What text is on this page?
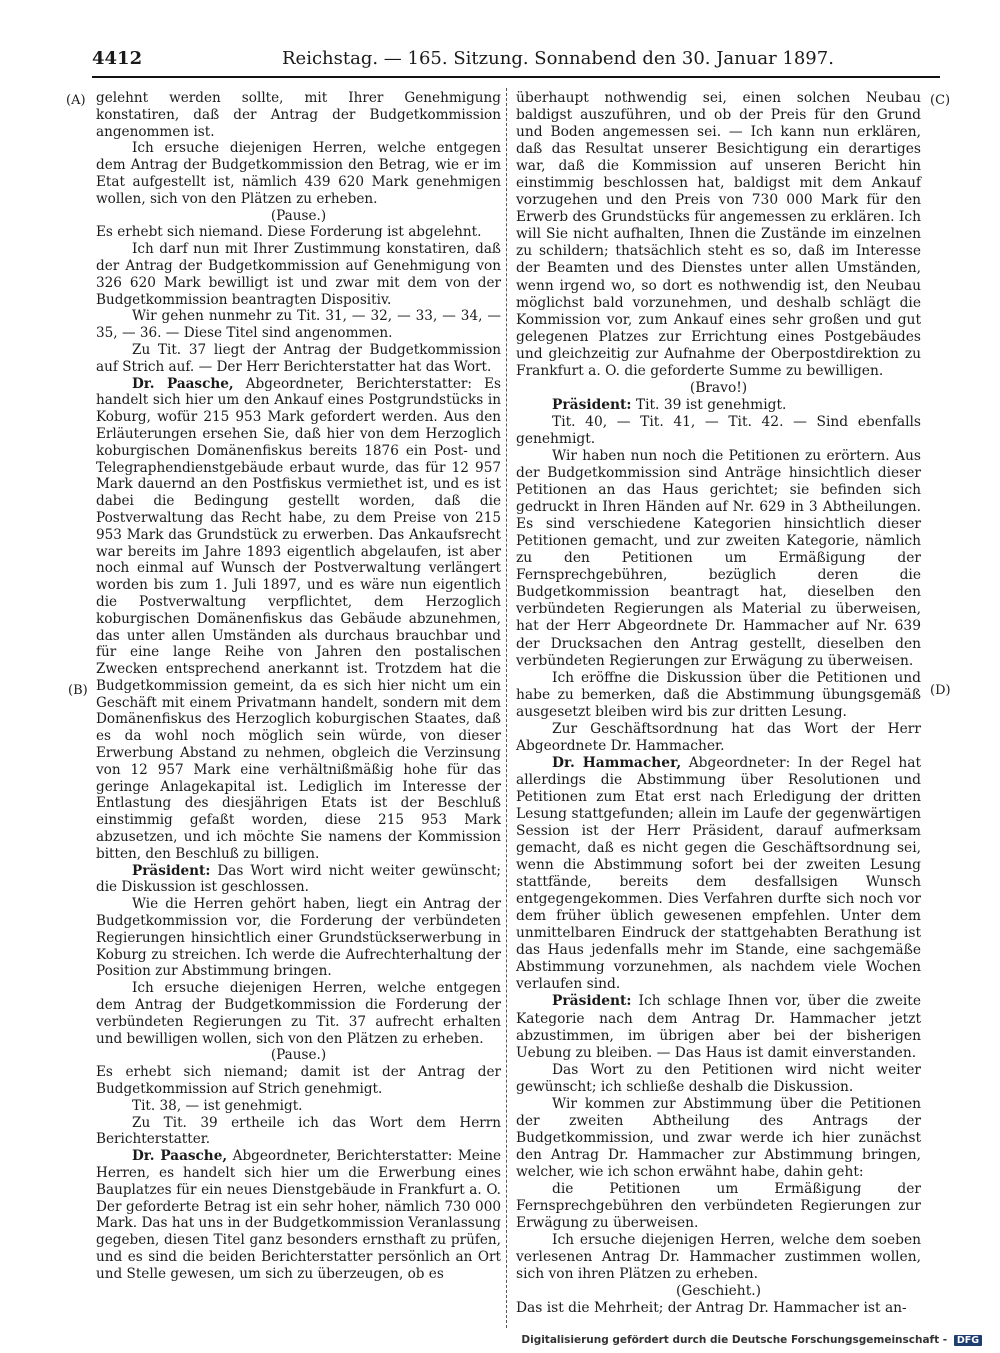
4412	Reichstag. — 165. Sitzung. Sonnabend den 30. Januar 1897.
(A)
(B)
(C)
(D)

gelehnt werden sollte, mit Ihrer Genehmigung konstatiren, daß der Antrag der Budgetkommission angenommen ist.

Ich ersuche diejenigen Herren, welche entgegen dem Antrag der Budgetkommission den Betrag, wie er im Etat aufgestellt ist, nämlich 439 620 Mark genehmigen wollen, sich von den Plätzen zu erheben.

(Pause.)

Es erhebt sich niemand. Diese Forderung ist abgelehnt.

Ich darf nun mit Ihrer Zustimmung konstatiren, daß der Antrag der Budgetkommission auf Genehmigung von 326 620 Mark bewilligt ist und zwar mit dem von der Budgetkommission beantragten Dispositiv.

Wir gehen nunmehr zu Tit. 31, — 32, — 33, — 34, — 35, — 36. — Diese Titel sind angenommen.

Zu Tit. 37 liegt der Antrag der Budgetkommission auf Strich auf. — Der Herr Berichterstatter hat das Wort.

Dr. Paasche, Abgeordneter, Berichterstatter: Es handelt sich hier um den Ankauf eines Postgrundstücks in Koburg, wofür 215 953 Mark gefordert werden. Aus den Erläuterungen ersehen Sie, daß hier von dem Herzoglich koburgischen Domänenfiskus bereits 1876 ein Post- und Telegraphendienstgebäude erbaut wurde, das für 12 957 Mark dauernd an den Postfiskus vermiethet ist, und es ist dabei die Bedingung gestellt worden, daß die Postverwaltung das Recht habe, zu dem Preise von 215 953 Mark das Grundstück zu erwerben. Das Ankaufsrecht war bereits im Jahre 1893 eigentlich abgelaufen, ist aber noch einmal auf Wunsch der Postverwaltung verlängert worden bis zum 1. Juli 1897, und es wäre nun eigentlich die Postverwaltung verpflichtet, dem Herzoglich koburgischen Domänenfiskus das Gebäude abzunehmen, das unter allen Umständen als durchaus brauchbar und für eine lange Reihe von Jahren den postalischen Zwecken entsprechend anerkannt ist. Trotzdem hat die Budgetkommission gemeint, da es sich hier nicht um ein Geschäft mit einem Privatmann handelt, sondern mit dem Domänenfiskus des Herzoglich koburgischen Staates, daß es da wohl noch möglich sein würde, von dieser Erwerbung Abstand zu nehmen, obgleich die Verzinsung von 12 957 Mark eine verhältnißmäßig hohe für das geringe Anlagekapital ist. Lediglich im Interesse der Entlastung des diesjährigen Etats ist der Beschluß einstimmig gefaßt worden, diese 215 953 Mark abzusetzen, und ich möchte Sie namens der Kommission bitten, den Beschluß zu billigen.

Präsident: Das Wort wird nicht weiter gewünscht; die Diskussion ist geschlossen.

Wie die Herren gehört haben, liegt ein Antrag der Budgetkommission vor, die Forderung der verbündeten Regierungen hinsichtlich einer Grundstückserwerbung in Koburg zu streichen. Ich werde die Aufrechterhaltung der Position zur Abstimmung bringen.

Ich ersuche diejenigen Herren, welche entgegen dem Antrag der Budgetkommission die Forderung der verbündeten Regierungen zu Tit. 37 aufrecht erhalten und bewilligen wollen, sich von den Plätzen zu erheben.

(Pause.)

Es erhebt sich niemand; damit ist der Antrag der Budgetkommission auf Strich genehmigt.

Tit. 38, — ist genehmigt.

Zu Tit. 39 ertheile ich das Wort dem Herrn Berichterstatter.

Dr. Paasche, Abgeordneter, Berichterstatter: Meine Herren, es handelt sich hier um die Erwerbung eines Bauplatzes für ein neues Dienstgebäude in Frankfurt a. O. Der geforderte Betrag ist ein sehr hoher, nämlich 730 000 Mark. Das hat uns in der Budgetkommission Veranlassung gegeben, diesen Titel ganz besonders ernsthaft zu prüfen, und es sind die beiden Berichterstatter persönlich an Ort und Stelle gewesen, um sich zu überzeugen, ob es

überhaupt nothwendig sei, einen solchen Neubau baldigst auszuführen, und ob der Preis für den Grund und Boden angemessen sei. — Ich kann nun erklären, daß das Resultat unserer Besichtigung ein derartiges war, daß die Kommission auf unseren Bericht hin einstimmig beschlossen hat, baldigst mit dem Ankauf vorzugehen und den Preis von 730 000 Mark für den Erwerb des Grundstücks für angemessen zu erklären. Ich will Sie nicht aufhalten, Ihnen die Zustände im einzelnen zu schildern; thatsächlich steht es so, daß im Interesse der Beamten und des Dienstes unter allen Umständen, wenn irgend wo, so dort es nothwendig ist, den Neubau möglichst bald vorzunehmen, und deshalb schlägt die Kommission vor, zum Ankauf eines sehr großen und gut gelegenen Platzes zur Errichtung eines Postgebäudes und gleichzeitig zur Aufnahme der Oberpostdirektion zu Frankfurt a. O. die geforderte Summe zu bewilligen.

(Bravo!)

Präsident: Tit. 39 ist genehmigt.

Tit. 40, — Tit. 41, — Tit. 42. — Sind ebenfalls genehmigt.

Wir haben nun noch die Petitionen zu erörtern. Aus der Budgetkommission sind Anträge hinsichtlich dieser Petitionen an das Haus gerichtet; sie befinden sich gedruckt in Ihren Händen auf Nr. 629 in 3 Abtheilungen. Es sind verschiedene Kategorien hinsichtlich dieser Petitionen gemacht, und zur zweiten Kategorie, nämlich zu den Petitionen um Ermäßigung der Fernsprechgebühren, bezüglich deren die Budgetkommission beantragt hat, dieselben den verbündeten Regierungen als Material zu überweisen, hat der Herr Abgeordnete Dr. Hammacher auf Nr. 639 der Drucksachen den Antrag gestellt, dieselben den verbündeten Regierungen zur Erwägung zu überweisen.

Ich eröffne die Diskussion über die Petitionen und habe zu bemerken, daß die Abstimmung übungsgemäß ausgesetzt bleiben wird bis zur dritten Lesung.

Zur Geschäftsordnung hat das Wort der Herr Abgeordnete Dr. Hammacher.

Dr. Hammacher, Abgeordneter: In der Regel hat allerdings die Abstimmung über Resolutionen und Petitionen zum Etat erst nach Erledigung der dritten Lesung stattgefunden; allein im Laufe der gegenwärtigen Session ist der Herr Präsident, darauf aufmerksam gemacht, daß es nicht gegen die Geschäftsordnung sei, wenn die Abstimmung sofort bei der zweiten Lesung stattfände, bereits dem desfallsigen Wunsch entgegengekommen. Dies Verfahren durfte sich noch vor dem früher üblich gewesenen empfehlen. Unter dem unmittelbaren Eindruck der stattgehabten Berathung ist das Haus jedenfalls mehr im Stande, eine sachgemäße Abstimmung vorzunehmen, als nachdem viele Wochen verlaufen sind.

Präsident: Ich schlage Ihnen vor, über die zweite Kategorie nach dem Antrag Dr. Hammacher jetzt abzustimmen, im übrigen aber bei der bisherigen Uebung zu bleiben. — Das Haus ist damit einverstanden.

Das Wort zu den Petitionen wird nicht weiter gewünscht; ich schließe deshalb die Diskussion.

Wir kommen zur Abstimmung über die Petitionen der zweiten Abtheilung des Antrags der Budgetkommission, und zwar werde ich hier zunächst den Antrag Dr. Hammacher zur Abstimmung bringen, welcher, wie ich schon erwähnt habe, dahin geht:

die Petitionen um Ermäßigung der Fernsprechgebühren den verbündeten Regierungen zur Erwägung zu überweisen.

Ich ersuche diejenigen Herren, welche dem soeben verlesenen Antrag Dr. Hammacher zustimmen wollen, sich von ihren Plätzen zu erheben.

(Geschieht.)

Das ist die Mehrheit; der Antrag Dr. Hammacher ist an-

Digitalisierung gefördert durch die Deutsche Forschungsgemeinschaft - DFG
